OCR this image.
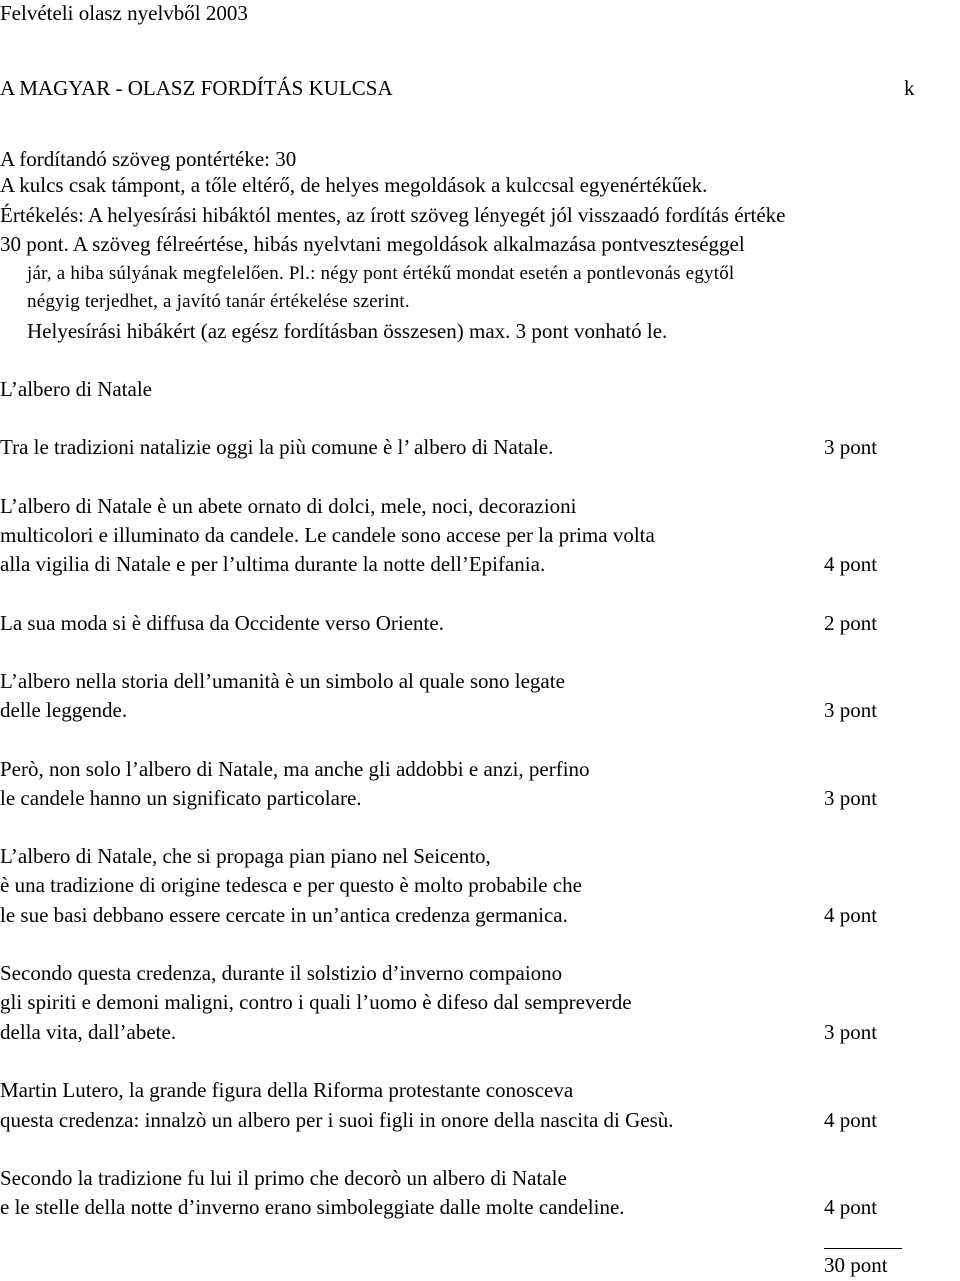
Felvételi olasz nyelvből 2003
A MAGYAR - OLASZ FORDÍTÁS KULCSA	k
A fordítandó szöveg pontértéke: 30
A kulcs csak támpont, a tőle eltérő, de helyes megoldások a kulccsal egyenértékűek.
Értékelés: A helyesírási hibáktól mentes, az írott szöveg lényegét jól visszaadó fordítás értéke
30 pont. A szöveg félreértése, hibás nyelvtani megoldások alkalmazása pontveszteséggel
jár, a hiba súlyának megfelelően. Pl.: négy pont értékű mondat esetén a pontlevonás egytől
négyig terjedhet, a javító tanár értékelése szerint.
Helyesírási hibákért (az egész fordításban összesen) max. 3 pont vonható le.
L’albero di Natale
Tra le tradizioni natalizie oggi la più comune è l’ albero di Natale.	3 pont
L’albero di Natale è un abete ornato di dolci, mele, noci, decorazioni
multicolori e illuminato da candele. Le candele sono accese per la prima volta
alla vigilia di Natale e per l’ultima durante la notte dell’Epifania.	4 pont
La sua moda si è diffusa da Occidente verso Oriente.	2 pont
L’albero nella storia dell’umanità è un simbolo al quale sono legate
delle leggende.	3 pont
Però, non solo l’albero di Natale, ma anche gli addobbi e anzi, perfino
le candele hanno un significato particolare.	3 pont
L’albero di Natale, che si propaga pian piano nel Seicento,
è una tradizione di origine tedesca e per questo è molto probabile che
le sue basi debbano essere cercate in un’antica credenza germanica.	4 pont
Secondo questa credenza, durante il solstizio d’inverno compaiono
gli spiriti e demoni maligni, contro i quali l’uomo è difeso dal sempreverde
della vita, dall’abete.	3 pont
Martin Lutero, la grande figura della Riforma protestante conosceva
questa credenza: innalzò un albero per i suoi figli in onore della nascita di Gesù.	4 pont
Secondo la tradizione fu lui il primo che decorò un albero di Natale
e le stelle della notte d’inverno erano simboleggiate dalle molte candeline.	4 pont
30 pont
